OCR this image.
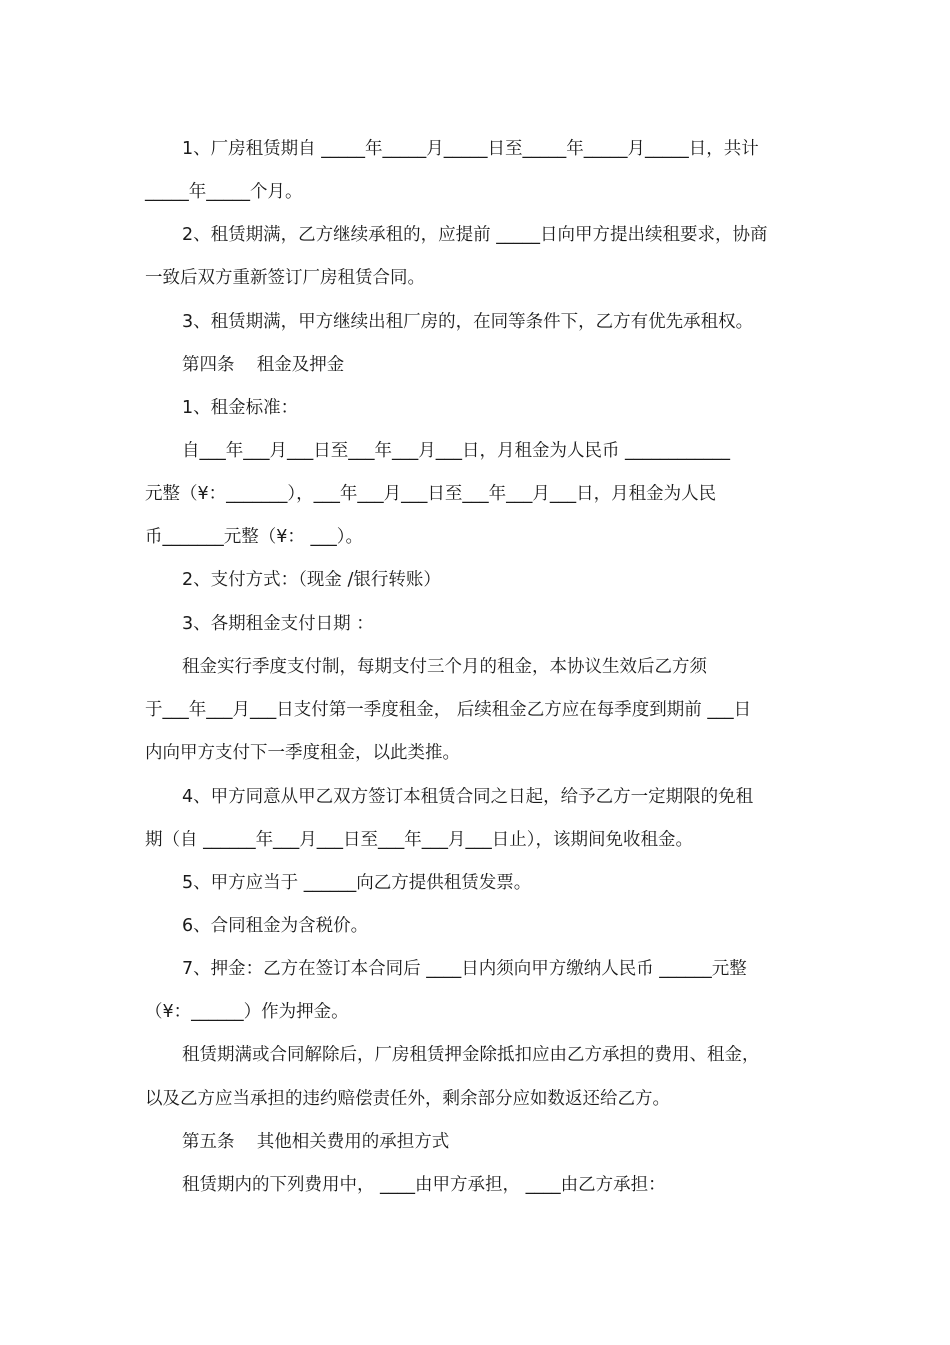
1、厂房租赁期自 _____年_____月_____日至_____年_____月_____日，共计
_____年_____个月。
2、租赁期满，乙方继续承租的，应提前 _____日向甲方提出续租要求，协商
一致后双方重新签订厂房租赁合同。
3、租赁期满，甲方继续出租厂房的，在同等条件下，乙方有优先承租权。
第四条    租金及押金
1、租金标准：
自___年___月___日至___年___月___日，月租金为人民币 ____________
元整（¥：_______），___年___月___日至___年___月___日，月租金为人民
币_______元整（¥： ___）。
2、支付方式：（现金 /银行转账）
3、各期租金支付日期 ：
租金实行季度支付制，每期支付三个月的租金，本协议生效后乙方须
于___年___月___日支付第一季度租金， 后续租金乙方应在每季度到期前 ___日
内向甲方支付下一季度租金，以此类推。
4、甲方同意从甲乙双方签订本租赁合同之日起，给予乙方一定期限的免租
期（自 ______年___月___日至___年___月___日止），该期间免收租金。
5、甲方应当于 ______向乙方提供租赁发票。
6、合同租金为含税价。
7、押金：乙方在签订本合同后 ____日内须向甲方缴纳人民币 ______元整
（¥：______）作为押金。
租赁期满或合同解除后，厂房租赁押金除抵扣应由乙方承担的费用、租金，
以及乙方应当承担的违约赔偿责任外，剩余部分应如数返还给乙方。
第五条    其他相关费用的承担方式
租赁期内的下列费用中， ____由甲方承担， ____由乙方承担：
